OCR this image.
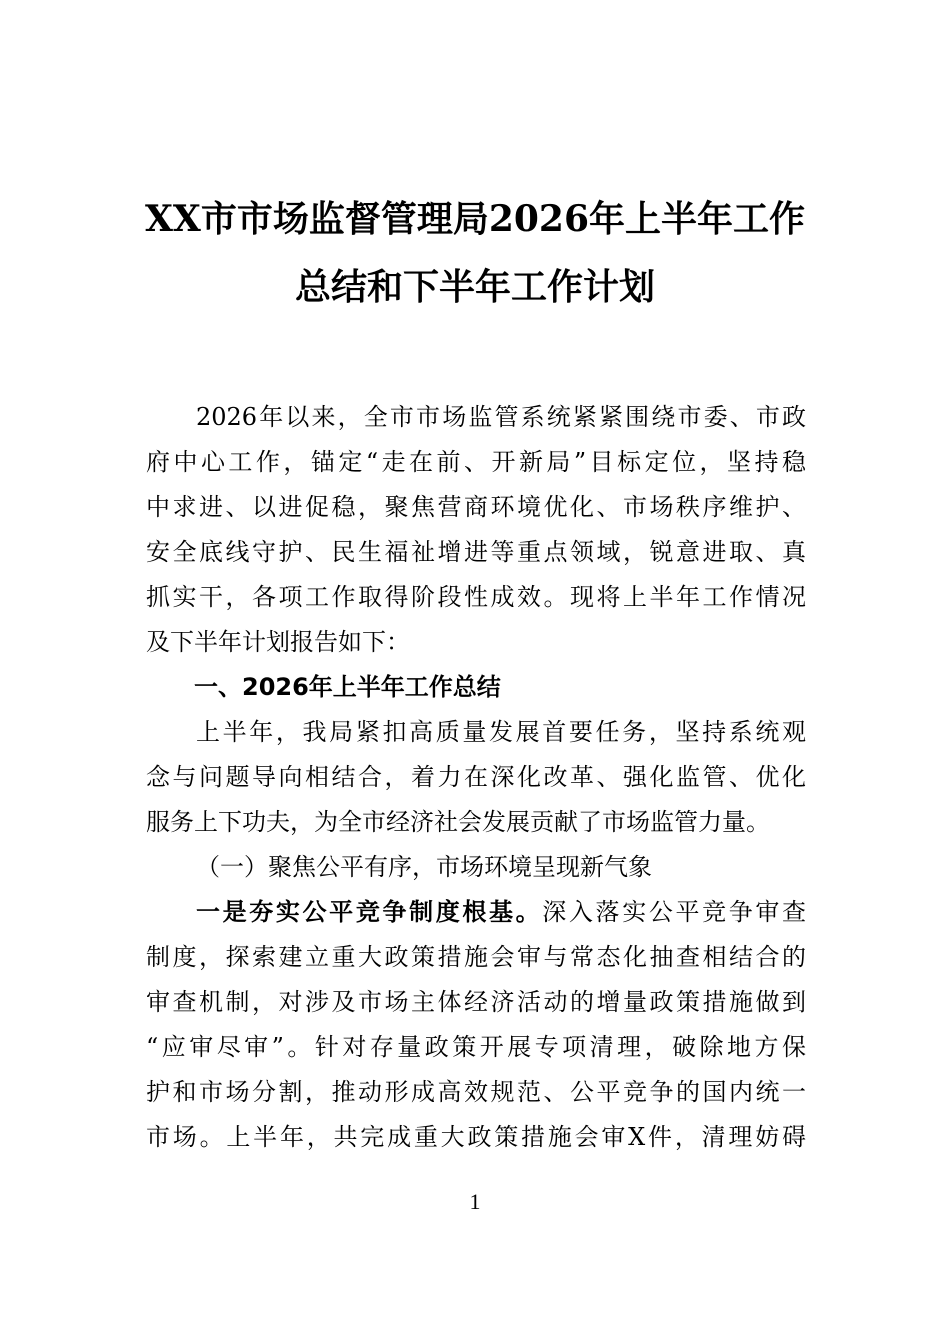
XX市市场监督管理局2026年上半年工作
总结和下半年工作计划
2026年以来，全市市场监管系统紧紧围绕市委、市政
府中心工作，锚定“走在前、开新局”目标定位，坚持稳
中求进、以进促稳，聚焦营商环境优化、市场秩序维护、
安全底线守护、民生福祉增进等重点领域，锐意进取、真
抓实干，各项工作取得阶段性成效。现将上半年工作情况
及下半年计划报告如下：
一、2026年上半年工作总结
上半年，我局紧扣高质量发展首要任务，坚持系统观
念与问题导向相结合，着力在深化改革、强化监管、优化
服务上下功夫，为全市经济社会发展贡献了市场监管力量。
（一）聚焦公平有序，市场环境呈现新气象
一是夯实公平竞争制度根基。深入落实公平竞争审查
制度，探索建立重大政策措施会审与常态化抽查相结合的
审查机制，对涉及市场主体经济活动的增量政策措施做到
“应审尽审”。针对存量政策开展专项清理，破除地方保
护和市场分割，推动形成高效规范、公平竞争的国内统一
市场。上半年，共完成重大政策措施会审X件，清理妨碍
1
